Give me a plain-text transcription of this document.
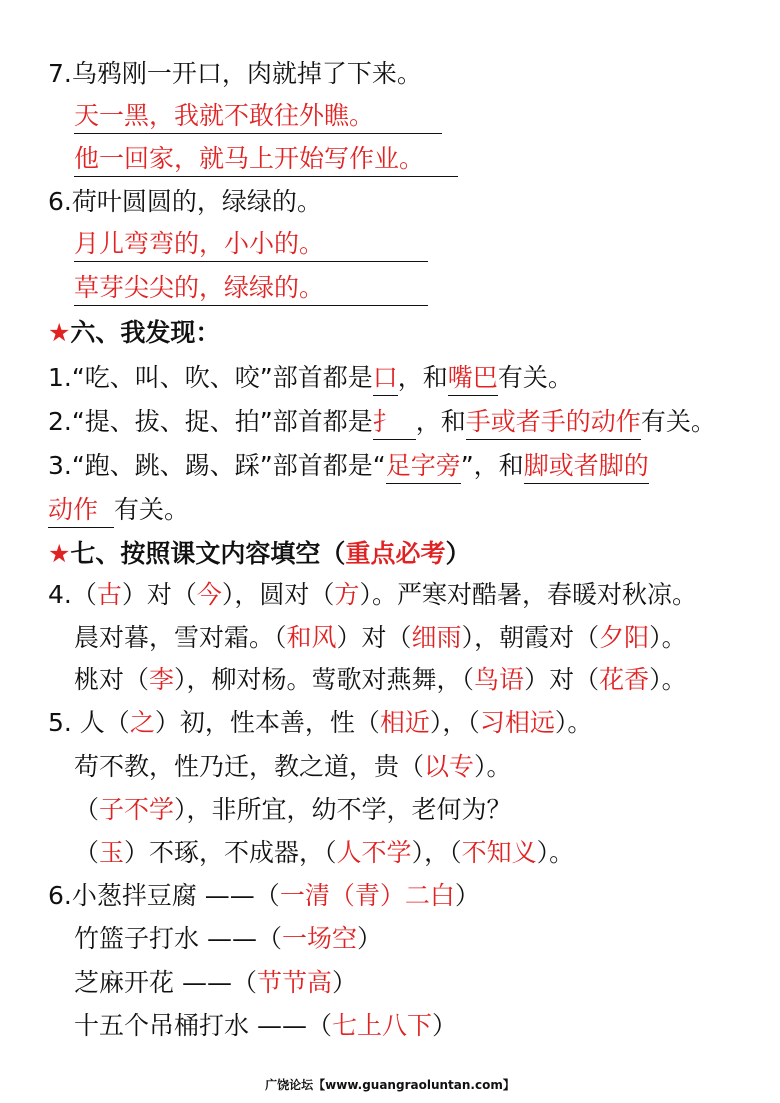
7.乌鸦刚一开口，肉就掉了下来。
天一黑，我就不敢往外瞧。
他一回家，就马上开始写作业。
6.荷叶圆圆的，绿绿的。
月儿弯弯的，小小的。
草芽尖尖的，绿绿的。
★六、我发现：
1.“吃、叫、吹、咬”部首都是口，和嘴巴有关。
2.“提、拔、捉、拍”部首都是扌 ，和手或者手的动作有关。
3.“跑、跳、踢、踩”部首都是“足字旁”，和脚或者脚的
动作 有关。
★七、按照课文内容填空（重点必考）
4.（古）对（今），圆对（方）。严寒对酷暑，春暖对秋凉。
晨对暮，雪对霜。（和风）对（细雨），朝霞对（夕阳）。
桃对（李），柳对杨。莺歌对燕舞，（鸟语）对（花香）。
5. 人（之）初，性本善，性（相近），（习相远）。
苟不教，性乃迁，教之道，贵（以专）。
（子不学），非所宜，幼不学，老何为？
（玉）不琢，不成器，（人不学），（不知义）。
6.小葱拌豆腐 ——（一清（青）二白）
竹篮子打水 ——（一场空）
芝麻开花 ——（节节高）
十五个吊桶打水 ——（七上八下）
广饶论坛【www.guangraoluntan.com】
